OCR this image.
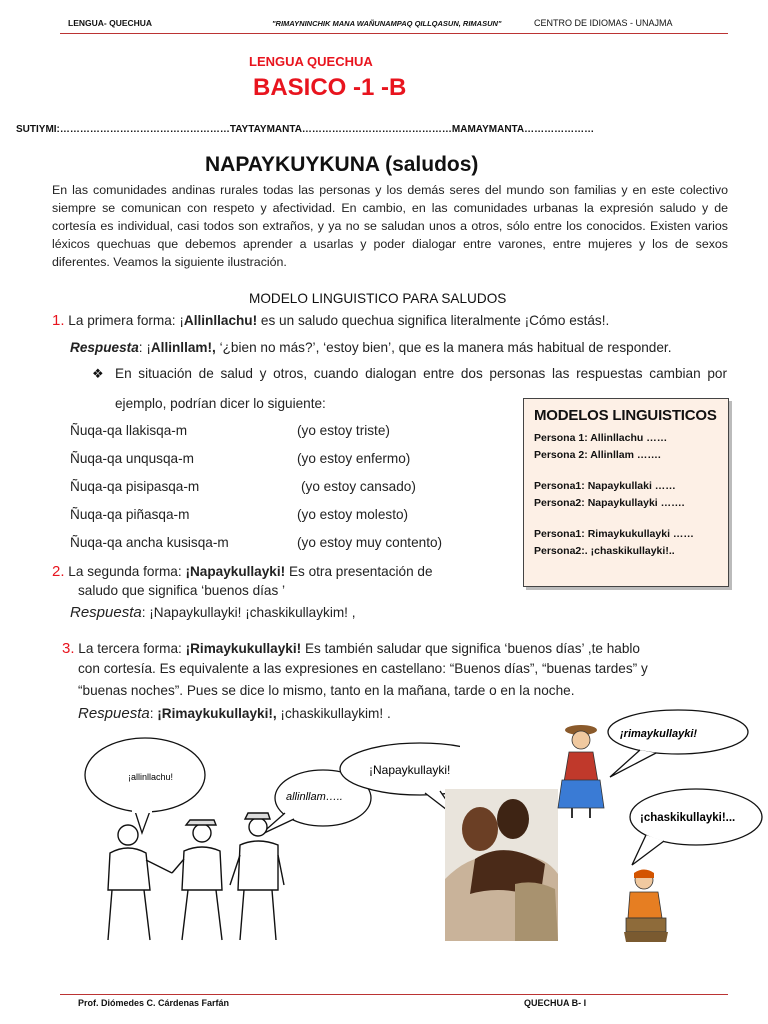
LENGUA- QUECHUA	"RIMAYNINCHIK MANA WAÑUNAMPAQ QILLQASUN, RIMASUN"	CENTRO DE IDIOMAS - UNAJMA
LENGUA QUECHUA
BASICO -1 -B
SUTIYMI:……………………………………………TAYTAYMANTA………………………………………MAMAYMANTA…………………
NAPAYKUYKUNA (saludos)
En las comunidades andinas rurales todas las personas y los demás seres del mundo son familias y en este colectivo siempre se comunican con respeto y afectividad. En cambio, en las comunidades urbanas la expresión saludo y de cortesía es individual, casi todos son extraños, y ya no se saludan unos a otros, sólo entre los conocidos. Existen varios léxicos quechuas que debemos aprender a usarlas y poder dialogar entre varones, entre mujeres y los de sexos diferentes. Veamos la siguiente ilustración.
MODELO LINGUISTICO PARA SALUDOS
1. La primera forma: ¡Allinllachu! es un saludo quechua significa literalmente ¡Cómo estás!.
Respuesta: ¡Allinllam!, ‘¿bien no más?’, ‘estoy bien’, que es la manera más habitual de responder.
❖ En situación de salud y otros, cuando dialogan entre dos personas las respuestas cambian por
ejemplo, podrían dicer lo siguiente:
Ñuqa-qa llakisqa-m	(yo estoy triste)
Ñuqa-qa unqusqa-m	(yo estoy enfermo)
Ñuqa-qa pisipasqa-m	(yo estoy cansado)
Ñuqa-qa piñasqa-m	(yo estoy molesto)
Ñuqa-qa ancha kusisqa-m	(yo estoy muy contento)
2. La segunda forma: ¡Napaykullayki! Es otra presentación de
saludo que significa ‘buenos días ’
Respuesta: ¡Napaykullayki! ¡chaskikullaykim! ,
3. La tercera forma: ¡Rimaykukullayki! Es también saludar que significa ‘buenos días’ ,te hablo
con cortesía. Es equivalente a las expresiones en castellano: “Buenos días”, “buenas tardes” y
“buenas noches”. Pues se dice lo mismo, tanto en la mañana, tarde o en la noche.
Respuesta: ¡Rimaykukullayki!, ¡chaskikullaykim! .
MODELOS LINGUISTICOS
Persona 1: Allinllachu ……
Persona 2: Allinllam …….
Persona1: Napaykullaki ……
Persona2: Napaykullayki …….
Persona1: Rimaykukullayki ……
Persona2:. ¡chaskikullayki!..
¡allinllachu!
allinllam…..
¡Napaykullayki!
¡rimaykullayki!
¡chaskikullayki!...
Prof. Diómedes C. Cárdenas Farfán	QUECHUA B- I
